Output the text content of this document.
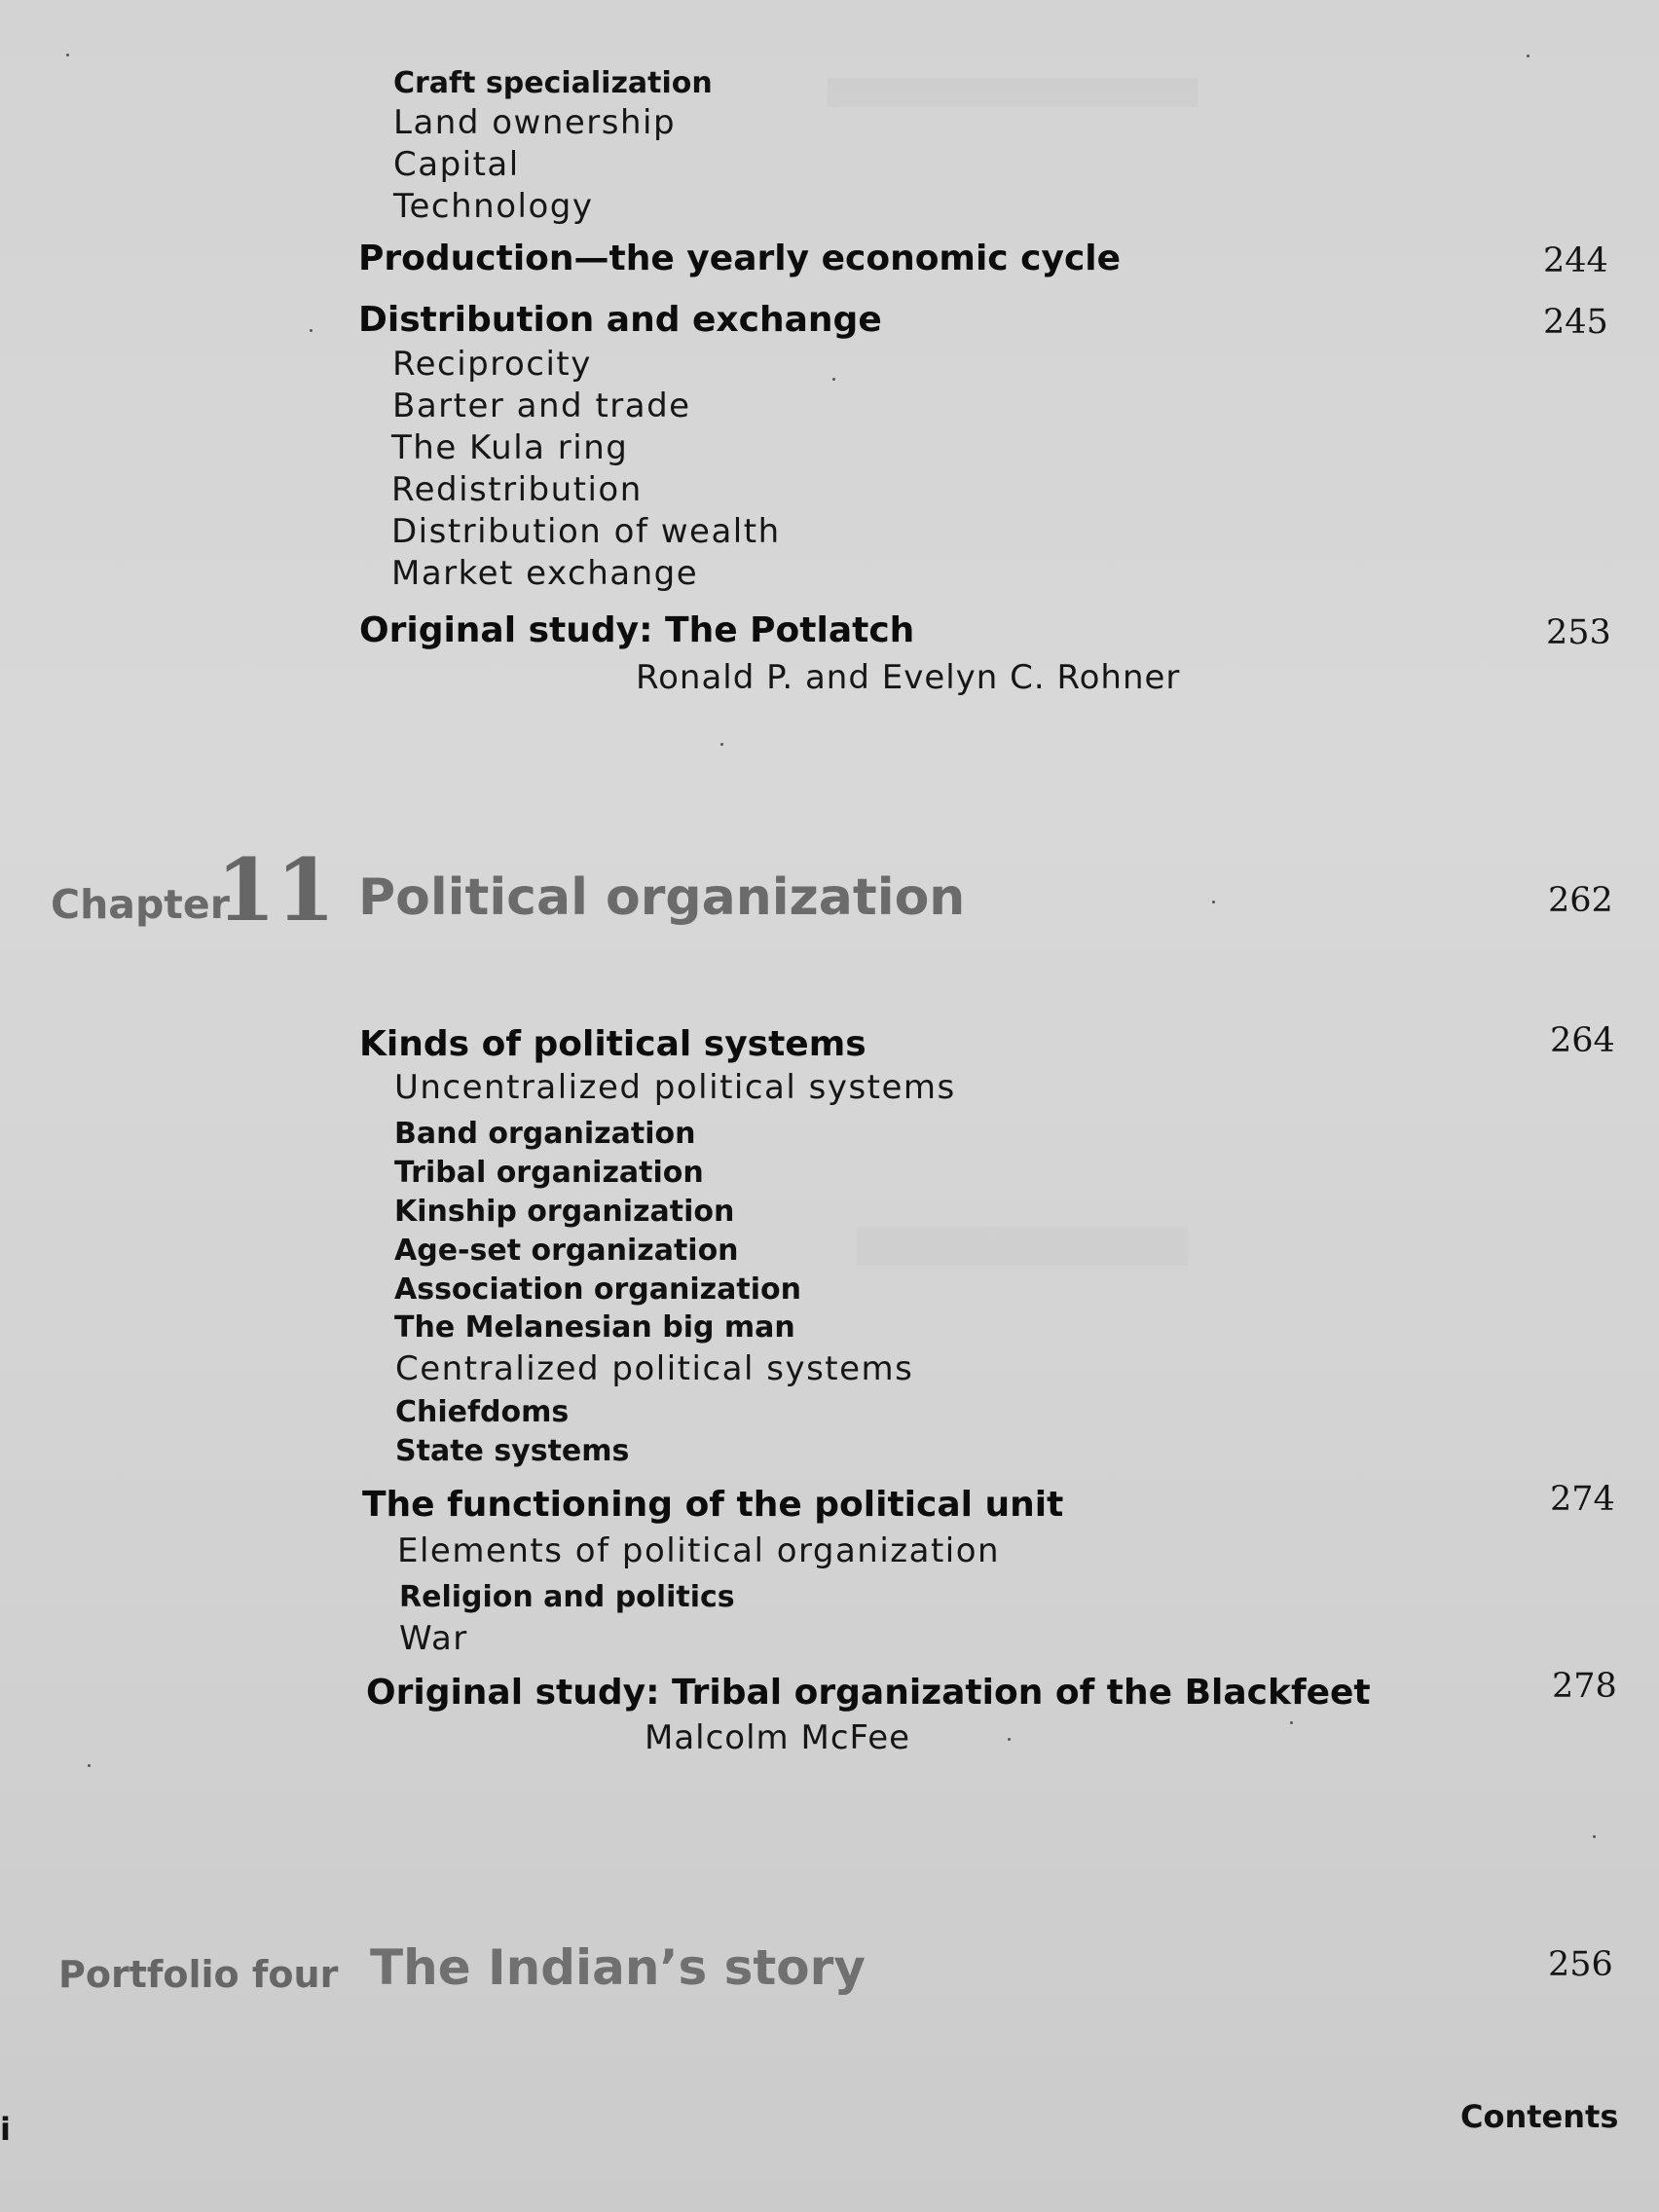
Craft specialization
Land ownership
Capital
Technology
Production—the yearly economic cycle	244
Distribution and exchange	245
Reciprocity
Barter and trade
The Kula ring
Redistribution
Distribution of wealth
Market exchange
Original study: The Potlatch	253
Ronald P. and Evelyn C. Rohner
Chapter
11 Political organization	262
Kinds of political systems	264
Uncentralized political systems
Band organization
Tribal organization
Kinship organization
Age-set organization
Association organization
The Melanesian big man
Centralized political systems
Chiefdoms
State systems
The functioning of the political unit	274
Elements of political organization
Religion and politics
War
Original study: Tribal organization of the Blackfeet	278
Malcolm McFee
Portfolio four The Indian’s story	256
i	Contents
